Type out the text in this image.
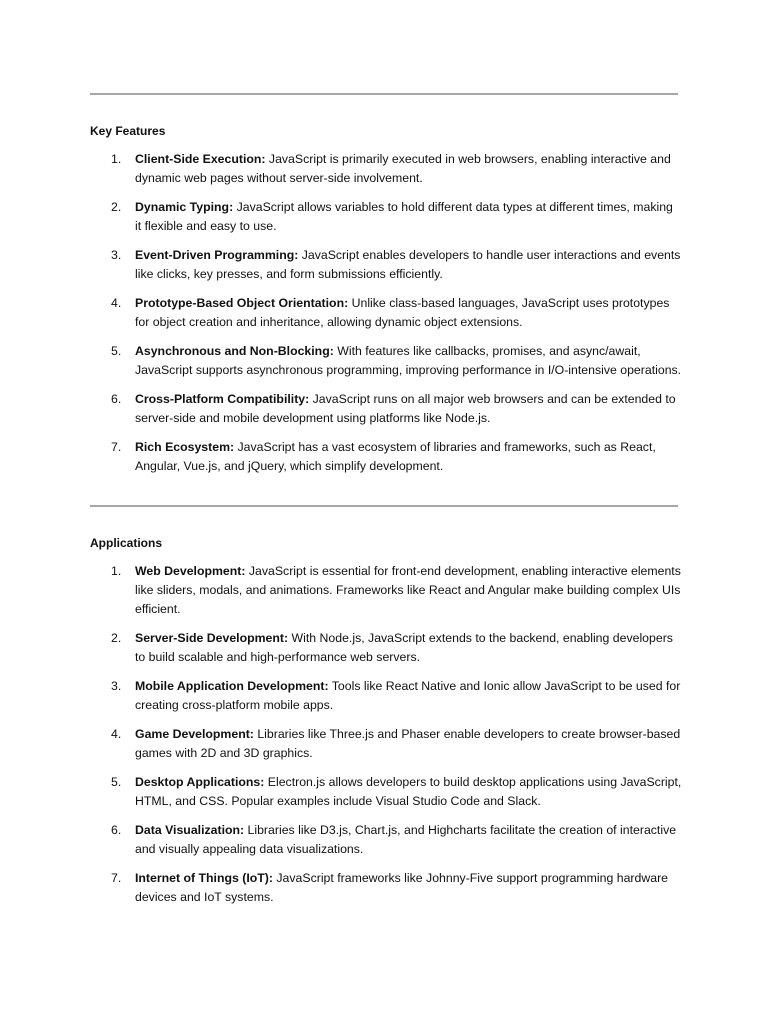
Key Features
1. Client-Side Execution: JavaScript is primarily executed in web browsers, enabling interactive and dynamic web pages without server-side involvement.
2. Dynamic Typing: JavaScript allows variables to hold different data types at different times, making it flexible and easy to use.
3. Event-Driven Programming: JavaScript enables developers to handle user interactions and events like clicks, key presses, and form submissions efficiently.
4. Prototype-Based Object Orientation: Unlike class-based languages, JavaScript uses prototypes for object creation and inheritance, allowing dynamic object extensions.
5. Asynchronous and Non-Blocking: With features like callbacks, promises, and async/await, JavaScript supports asynchronous programming, improving performance in I/O-intensive operations.
6. Cross-Platform Compatibility: JavaScript runs on all major web browsers and can be extended to server-side and mobile development using platforms like Node.js.
7. Rich Ecosystem: JavaScript has a vast ecosystem of libraries and frameworks, such as React, Angular, Vue.js, and jQuery, which simplify development.
Applications
1. Web Development: JavaScript is essential for front-end development, enabling interactive elements like sliders, modals, and animations. Frameworks like React and Angular make building complex UIs efficient.
2. Server-Side Development: With Node.js, JavaScript extends to the backend, enabling developers to build scalable and high-performance web servers.
3. Mobile Application Development: Tools like React Native and Ionic allow JavaScript to be used for creating cross-platform mobile apps.
4. Game Development: Libraries like Three.js and Phaser enable developers to create browser-based games with 2D and 3D graphics.
5. Desktop Applications: Electron.js allows developers to build desktop applications using JavaScript, HTML, and CSS. Popular examples include Visual Studio Code and Slack.
6. Data Visualization: Libraries like D3.js, Chart.js, and Highcharts facilitate the creation of interactive and visually appealing data visualizations.
7. Internet of Things (IoT): JavaScript frameworks like Johnny-Five support programming hardware devices and IoT systems.
